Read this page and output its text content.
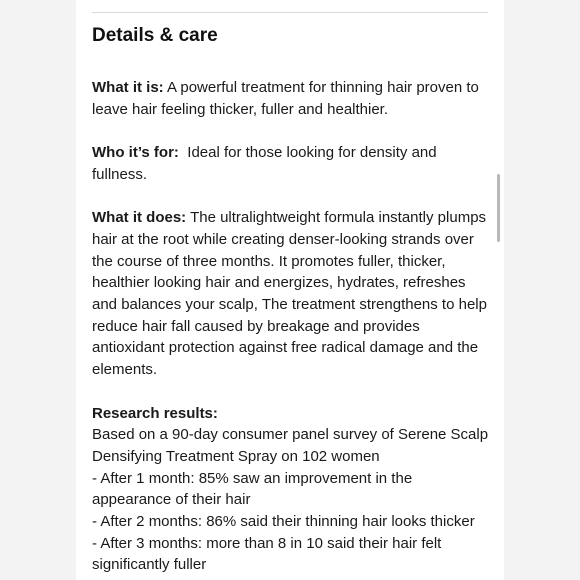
Details & care
What it is: A powerful treatment for thinning hair proven to leave hair feeling thicker, fuller and healthier.
Who it’s for:  Ideal for those looking for density and fullness.
What it does: The ultralightweight formula instantly plumps hair at the root while creating denser-looking strands over the course of three months. It promotes fuller, thicker, healthier looking hair and energizes, hydrates, refreshes and balances your scalp, The treatment strengthens to help reduce hair fall caused by breakage and provides antioxidant protection against free radical damage and the elements.
Research results:
Based on a 90-day consumer panel survey of Serene Scalp Densifying Treatment Spray on 102 women
- After 1 month: 85% saw an improvement in the appearance of their hair
- After 2 months: 86% said their thinning hair looks thicker
- After 3 months: more than 8 in 10 said their hair felt significantly fuller
